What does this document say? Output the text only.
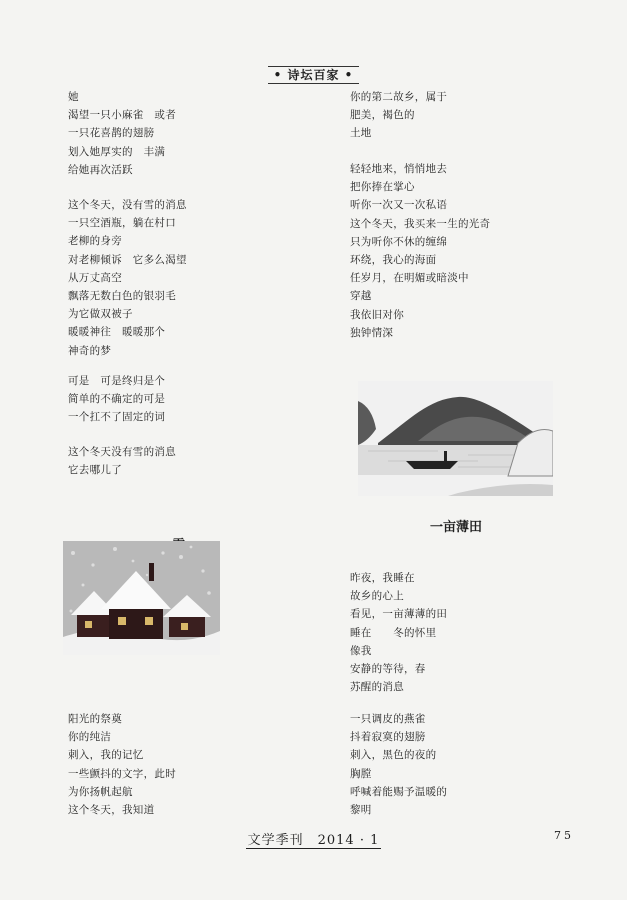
• 诗坛百家 •
她
渴望一只小麻雀　或者
一只花喜鹊的翅膀
划入她厚实的　丰满
给她再次活跃
这个冬天，没有雪的消息
一只空酒瓶，躺在村口
老柳的身旁
对老柳倾诉　它多么渴望
从万丈高空
飘落无数白色的银羽毛
为它做双被子
暖暖神往　暖暖那个
神奇的梦
可是　可是终归是个
简单的不确定的可是
一个扛不了固定的词
这个冬天没有雪的消息
它去哪儿了
阳光的祭奠
你的纯洁
刺入，我的记忆
一些颤抖的文字，此时
为你扬帆起航
这个冬天，我知道
你的第二故乡，属于
肥美，褐色的
土地
轻轻地来，悄悄地去
把你捧在掌心
听你一次又一次私语
这个冬天，我买来一生的光奇
只为听你不休的缠绵
环绕，我心的海面
任岁月，在明媚或暗淡中
穿越
我依旧对你
独钟情深
一亩薄田
昨夜，我睡在
故乡的心上
看见，一亩薄薄的田
睡在　　冬的怀里
像我
安静的等待，春
苏醒的消息
一只调皮的燕雀
抖着寂寞的翅膀
刺入，黑色的夜的
胸膛
呼喊着能赐予温暖的
黎明
文学季刊　2014 · 1	75
